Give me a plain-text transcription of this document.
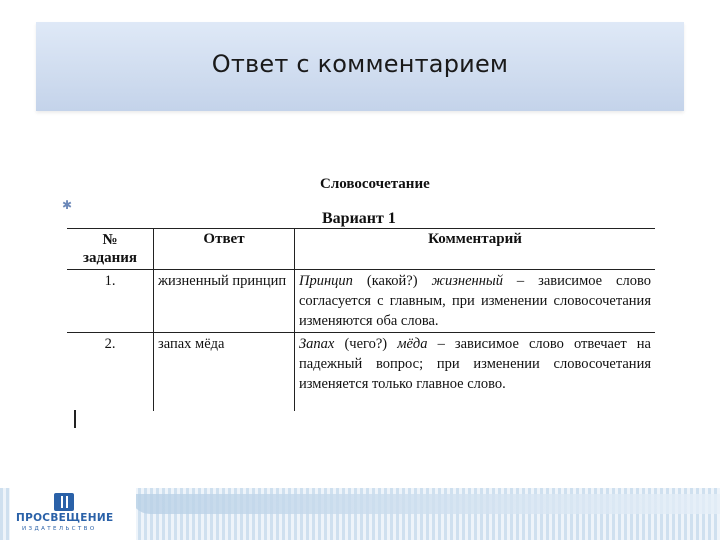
Ответ с комментарием
✱
Словосочетание
Вариант 1
№
задания	Ответ	Комментарий
1.	жизненный принцип	Принцип (какой?) жизненный – зависимое слово согласуется с главным, при изменении словосочетания изменяются оба слова.
2.	запах мёда	Запах (чего?) мёда – зависимое слово отвечает на падежный вопрос; при изменении словосочетания изменяется только главное слово.
ПРОСВЕЩЕНИЕ
ИЗДАТЕЛЬСТВО
